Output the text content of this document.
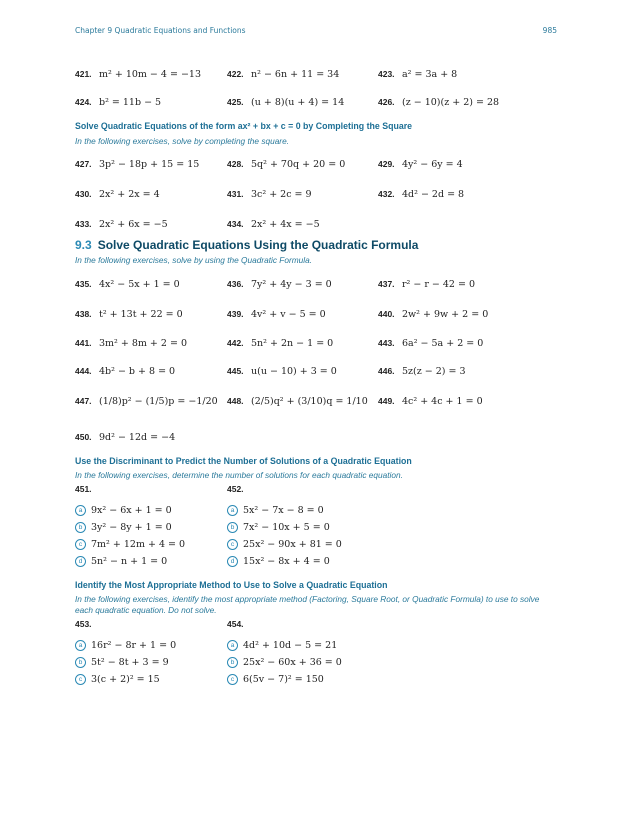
Chapter 9 Quadratic Equations and Functions	985
421. m² + 10m − 4 = −13	422. n² − 6n + 11 = 34	423. a² = 3a + 8
424. b² = 11b − 5	425. (u + 8)(u + 4) = 14	426. (z − 10)(z + 2) = 28
Solve Quadratic Equations of the form ax² + bx + c = 0 by Completing the Square
In the following exercises, solve by completing the square.
427. 3p² − 18p + 15 = 15	428. 5q² + 70q + 20 = 0	429. 4y² − 6y = 4
430. 2x² + 2x = 4	431. 3c² + 2c = 9	432. 4d² − 2d = 8
433. 2x² + 6x = −5	434. 2x² + 4x = −5
9.3 Solve Quadratic Equations Using the Quadratic Formula
In the following exercises, solve by using the Quadratic Formula.
435. 4x² − 5x + 1 = 0	436. 7y² + 4y − 3 = 0	437. r² − r − 42 = 0
438. t² + 13t + 22 = 0	439. 4v² + v − 5 = 0	440. 2w² + 9w + 2 = 0
441. 3m² + 8m + 2 = 0	442. 5n² + 2n − 1 = 0	443. 6a² − 5a + 2 = 0
444. 4b² − b + 8 = 0	445. u(u − 10) + 3 = 0	446. 5z(z − 2) = 3
447. (1/8)p² − (1/5)p = −1/20 448. (2/5)q² + (3/10)q = 1/10 449. 4c² + 4c + 1 = 0
450. 9d² − 12d = −4
Use the Discriminant to Predict the Number of Solutions of a Quadratic Equation
In the following exercises, determine the number of solutions for each quadratic equation.
451.
a 9x² − 6x + 1 = 0
b 3y² − 8y + 1 = 0
c 7m² + 12m + 4 = 0
d 5n² − n + 1 = 0
452.
a 5x² − 7x − 8 = 0
b 7x² − 10x + 5 = 0
c 25x² − 90x + 81 = 0
d 15x² − 8x + 4 = 0
Identify the Most Appropriate Method to Use to Solve a Quadratic Equation
In the following exercises, identify the most appropriate method (Factoring, Square Root, or Quadratic Formula) to use to solve each quadratic equation. Do not solve.
453.
a 16r² − 8r + 1 = 0
b 5t² − 8t + 3 = 9
c 3(c + 2)² = 15
454.
a 4d² + 10d − 5 = 21
b 25x² − 60x + 36 = 0
c 6(5v − 7)² = 150
